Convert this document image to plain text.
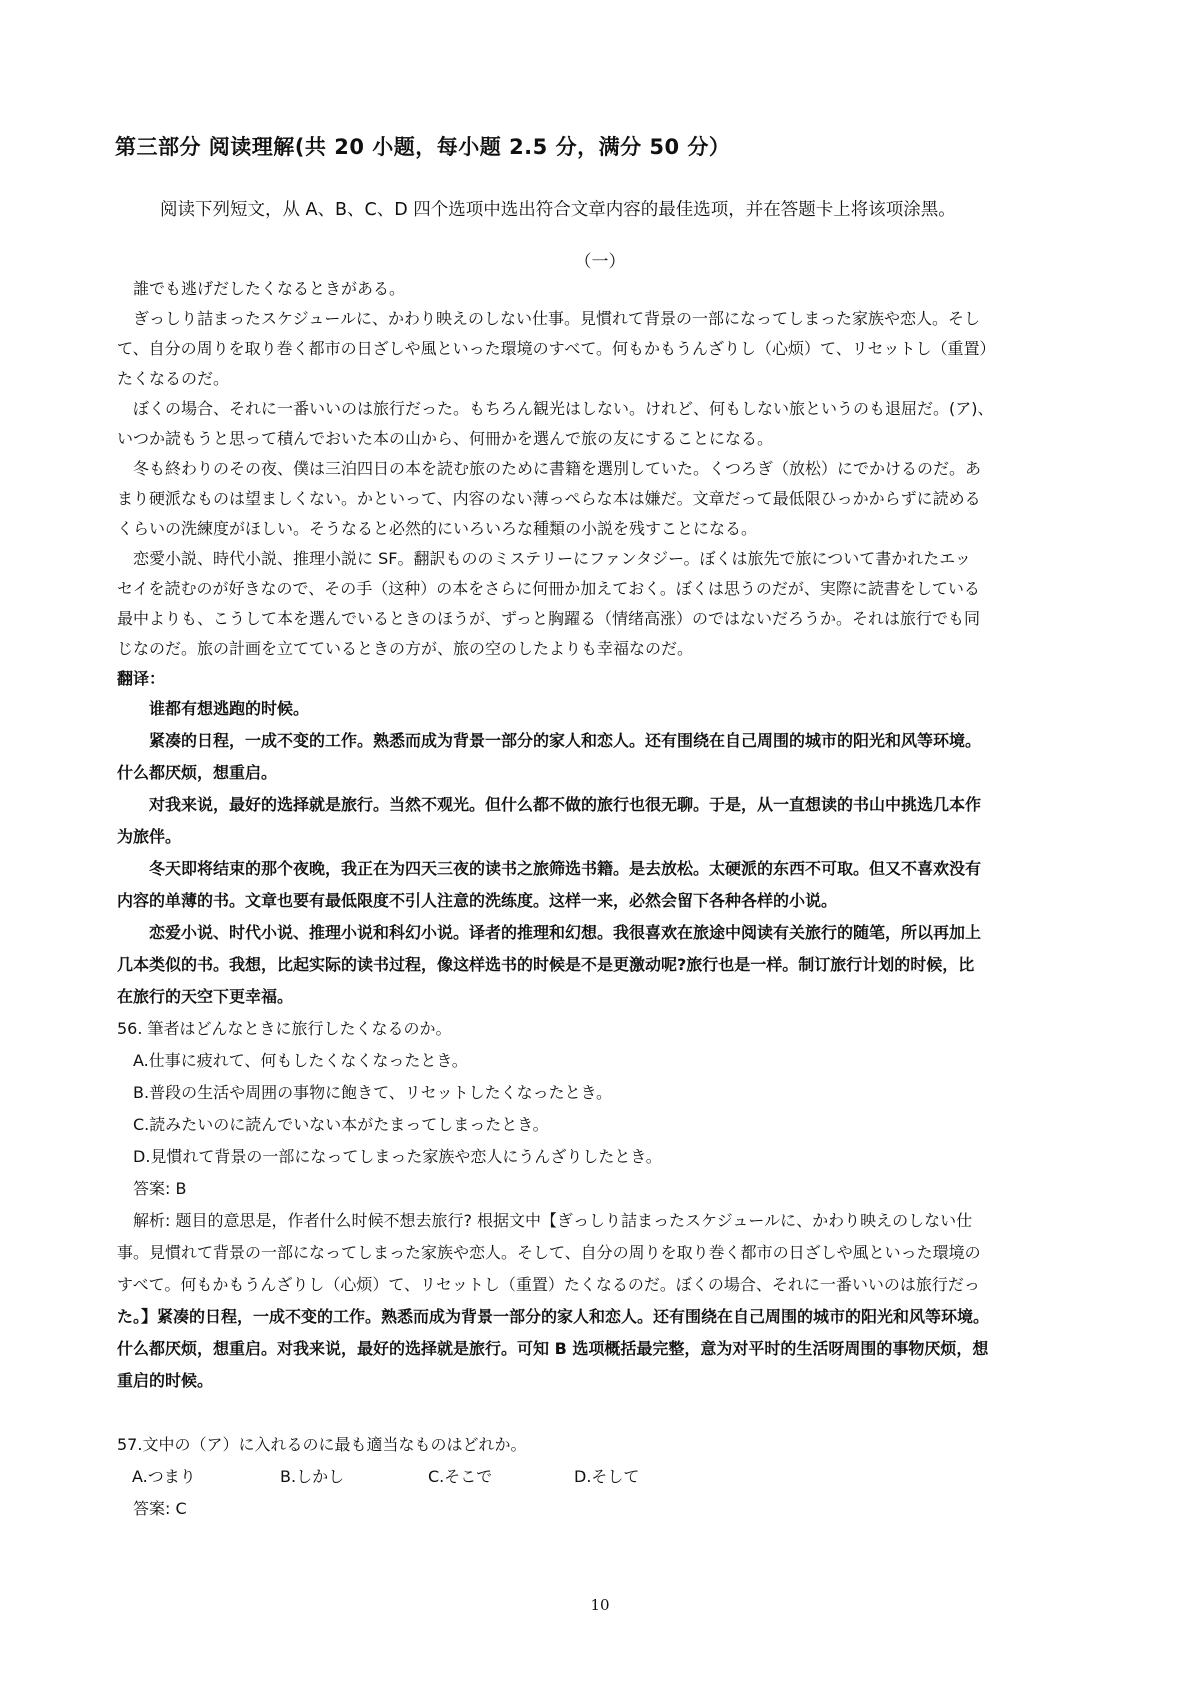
第三部分 阅读理解(共 20 小题，每小题 2.5 分，满分 50 分）
阅读下列短文，从 A、B、C、D 四个选项中选出符合文章内容的最佳选项，并在答题卡上将该项涂黑。
（一）
　誰でも逃げだしたくなるときがある。
　ぎっしり詰まったスケジュールに、かわり映えのしない仕事。見慣れて背景の一部になってしまった家族や恋人。そし
て、自分の周りを取り巻く都市の日ざしや風といった環境のすべて。何もかもうんざりし（心烦）て、リセットし（重置）
たくなるのだ。
　ぼくの場合、それに一番いいのは旅行だった。もちろん観光はしない。けれど、何もしない旅というのも退屈だ。(ア)、
いつか読もうと思って積んでおいた本の山から、何冊かを選んで旅の友にすることになる。
　冬も終わりのその夜、僕は三泊四日の本を読む旅のために書籍を選別していた。くつろぎ（放松）にでかけるのだ。あ
まり硬派なものは望ましくない。かといって、内容のない薄っぺらな本は嫌だ。文章だって最低限ひっかからずに読める
くらいの洗練度がほしい。そうなると必然的にいろいろな種類の小説を残すことになる。
　恋愛小説、時代小説、推理小説に SF。翻訳もののミステリーにファンタジー。ぼくは旅先で旅について書かれたエッ
セイを読むのが好きなので、その手（这种）の本をさらに何冊か加えておく。ぼくは思うのだが、実際に読書をしている
最中よりも、こうして本を選んでいるときのほうが、ずっと胸躍る（情绪高涨）のではないだろうか。それは旅行でも同
じなのだ。旅の計画を立てているときの方が、旅の空のしたよりも幸福なのだ。
翻译：
　　谁都有想逃跑的时候。
　　紧凑的日程，一成不变的工作。熟悉而成为背景一部分的家人和恋人。还有围绕在自己周围的城市的阳光和风等环境。
什么都厌烦，想重启。
　　对我来说，最好的选择就是旅行。当然不观光。但什么都不做的旅行也很无聊。于是，从一直想读的书山中挑选几本作
为旅伴。
　　冬天即将结束的那个夜晚，我正在为四天三夜的读书之旅筛选书籍。是去放松。太硬派的东西不可取。但又不喜欢没有
内容的单薄的书。文章也要有最低限度不引人注意的洗练度。这样一来，必然会留下各种各样的小说。
　　恋爱小说、时代小说、推理小说和科幻小说。译者的推理和幻想。我很喜欢在旅途中阅读有关旅行的随笔，所以再加上
几本类似的书。我想，比起实际的读书过程，像这样选书的时候是不是更激动呢?旅行也是一样。制订旅行计划的时候，比
在旅行的天空下更幸福。
56. 筆者はどんなときに旅行したくなるのか。
　A.仕事に疲れて、何もしたくなくなったとき。
　B.普段の生活や周囲の事物に飽きて、リセットしたくなったとき。
　C.読みたいのに読んでいない本がたまってしまったとき。
　D.見慣れて背景の一部になってしまった家族や恋人にうんざりしたとき。
　答案: B
　解析: 题目的意思是，作者什么时候不想去旅行? 根据文中【ぎっしり詰まったスケジュールに、かわり映えのしない仕
事。見慣れて背景の一部になってしまった家族や恋人。そして、自分の周りを取り巻く都市の日ざしや風といった環境の
すべて。何もかもうんざりし（心烦）て、リセットし（重置）たくなるのだ。ぼくの場合、それに一番いいのは旅行だっ
た。】紧凑的日程，一成不变的工作。熟悉而成为背景一部分的家人和恋人。还有围绕在自己周围的城市的阳光和风等环境。
什么都厌烦，想重启。对我来说，最好的选择就是旅行。可知 B 选项概括最完整，意为对平时的生活呀周围的事物厌烦，想
重启的时候。
57.文中の（ア）に入れるのに最も適当なものはどれか。
A.つまり	B.しかし	C.そこで	D.そして
　答案: C
10
